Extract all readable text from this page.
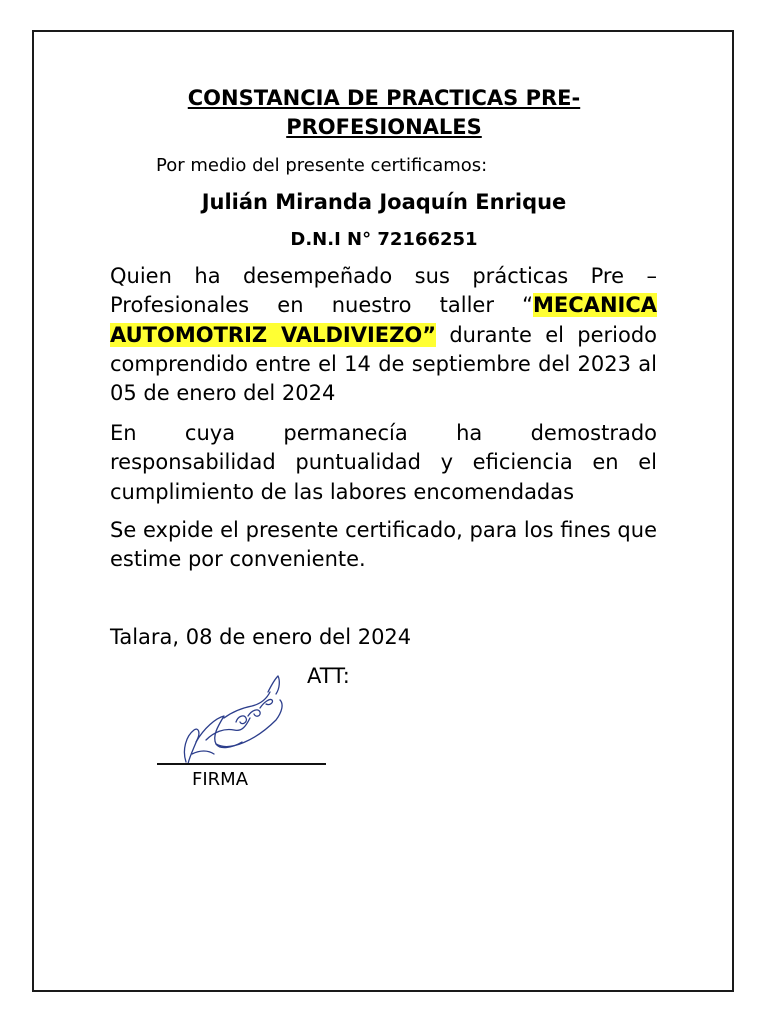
CONSTANCIA DE PRACTICAS PRE-
PROFESIONALES

Por medio del presente certificamos:

Julián Miranda Joaquín Enrique

D.N.I N° 72166251

Quien ha desempeñado sus prácticas Pre – Profesionales en nuestro taller “MECANICA AUTOMOTRIZ VALDIVIEZO” durante el periodo comprendido entre el 14 de septiembre del 2023 al 05 de enero del 2024

En cuya permanecía ha demostrado responsabilidad puntualidad y eficiencia en el cumplimiento de las labores encomendadas

Se expide el presente certificado, para los fines que estime por conveniente.

Talara, 08 de enero del 2024

ATT:

FIRMA
